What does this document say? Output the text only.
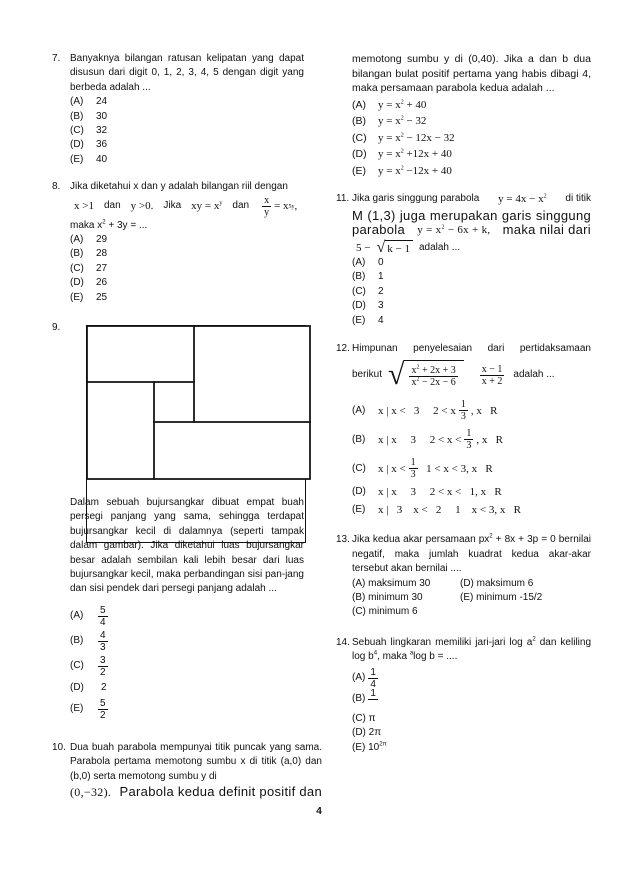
7. Banyaknya bilangan ratusan kelipatan yang dapat disusun dari digit 0, 1, 2, 3, 4, 5 dengan digit yang berbeda adalah ...
(A)	24
(B)	30
(C)	32
(D)	36
(E)	40
8. Jika diketahui x dan y adalah bilangan riil dengan
x >1 dan y >0. Jika xy = $x^y$ dan $\frac{x}{y} = x$ 5y ,
maka $x^2 + 3y$ = ...
(A)	29
(B)	28
(C)	27
(D)	26
(E)	25
9.
Dalam sebuah bujursangkar dibuat empat buah persegi panjang yang sama, sehingga terdapat bujursangkar kecil di dalamnya (seperti tampak dalam gambar). Jika diketahui luas bujursangkar besar adalah sembilan kali lebih besar dari luas bujursangkar kecil, maka perbandingan sisi pan-jang dan sisi pendek dari persegi panjang adalah ...
(A)	$\frac{5}{4}$
(B)	$\frac{4}{3}$
(C)	$\frac{3}{2}$
(D)	2
(E)	$\frac{5}{2}$
10. Dua buah parabola mempunyai titik puncak yang sama. Parabola pertama memotong sumbu x di titik (a,0) dan (b,0) serta memotong sumbu y di
(0,−32). Parabola kedua definit positif dan
memotong sumbu y di (0,40). Jika a dan b dua bilangan bulat positif pertama yang habis dibagi 4, maka persamaan parabola kedua adalah ...
(A)	$y = x^2 + 40$
(B)	$y = x^2 - 32$
(C)	$y = x^2 - 12x - 32$
(D)	$y = x^2 +12x + 40$
(E)	$y = x^2 -12x + 40$
11. Jika garis singgung parabola $y = 4x - x^2$ di titik
M (1,3) juga merupakan garis singgung
parabola $y = x^2 - 6x + k$, maka nilai dari
5 − √ k − 1 adalah ...
(A)	0
(B)	1
(C)	2
(D)	3
(E)	4
12. Himpunan penyelesaian dari pertidaksamaan
berikut √ $\frac{x^2 + 2x + 3}{x^2 - 2x - 6} \frac{x - 1}{x + 2}$ adalah ...
(A)	x | x <   3     2 < x $\frac{1}{3}$ , x   R
(B)	x | x     3     $2 < x < \frac{1}{3}$ , x   R
(C)	x | $x < \frac{1}{3} 1 < x < 3$, x   R
(D)	x | x     3     2 < x <   1, x   R
(E)	x |   3    x <   2     1    x < 3, x   R
13. Jika kedua akar persamaan $px^2 + 8x + 3p = 0$ bernilai negatif, maka jumlah kuadrat kedua akar-akar tersebut akan bernilai ....
(A) maksimum 30	(D) maksimum 6
(B) minimum 30	(E) minimum -15/2
(C) minimum 6
14. Sebuah lingkaran memiliki jari-jari $\log a^2$ dan keliling $\log b^4$, maka $^a$log b = ....
$(A) \frac{1}{4}$
(B) 1
(C) π
(D) 2π
(E) $10^{2\pi}$
4
